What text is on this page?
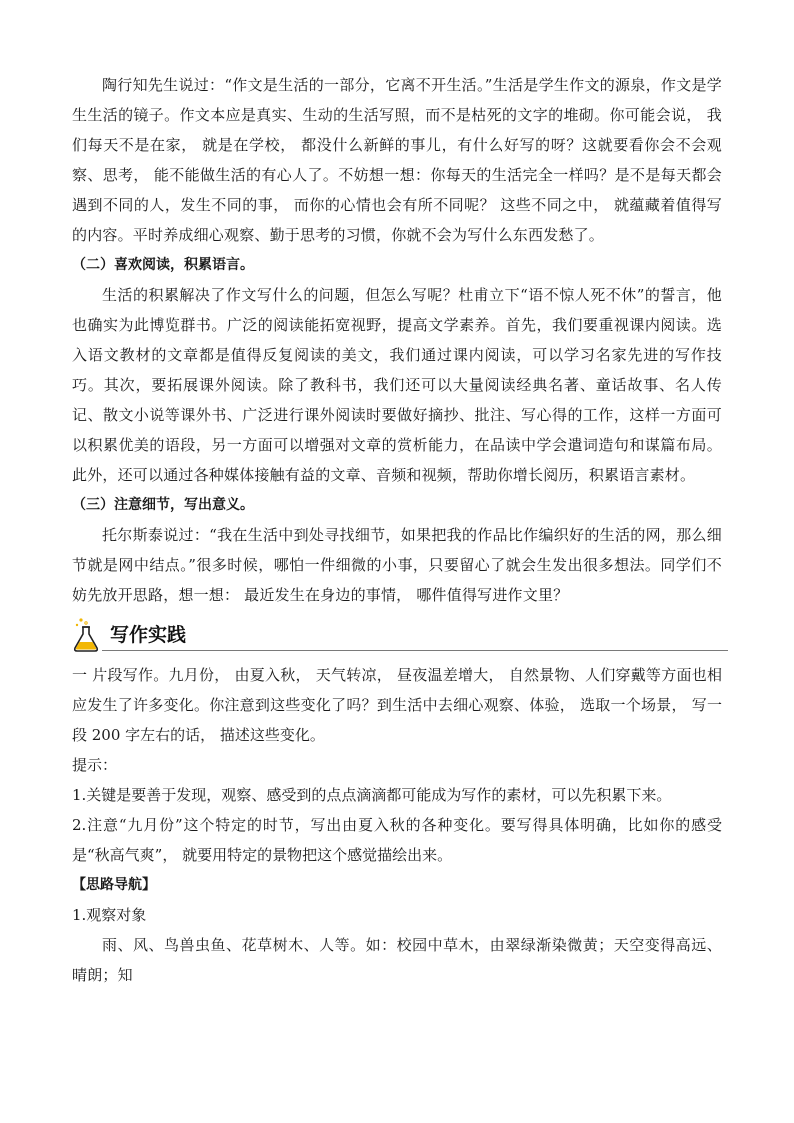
陶行知先生说过：“作文是生活的一部分，它离不开生活。”生活是学生作文的源泉，作文是学生生活的镜子。作文本应是真实、生动的生活写照，而不是枯死的文字的堆砌。你可能会说， 我们每天不是在家， 就是在学校， 都没什么新鲜的事儿，有什么好写的呀？这就要看你会不会观察、思考， 能不能做生活的有心人了。不妨想一想：你每天的生活完全一样吗？是不是每天都会遇到不同的人，发生不同的事， 而你的心情也会有所不同呢？ 这些不同之中， 就蕴藏着值得写的内容。平时养成细心观察、勤于思考的习惯，你就不会为写什么东西发愁了。

（二）喜欢阅读，积累语言。

生活的积累解决了作文写什么的问题，但怎么写呢？杜甫立下“语不惊人死不休”的誓言，他也确实为此博览群书。广泛的阅读能拓宽视野，提高文学素养。首先，我们要重视课内阅读。选入语文教材的文章都是值得反复阅读的美文，我们通过课内阅读，可以学习名家先进的写作技巧。其次，要拓展课外阅读。除了教科书，我们还可以大量阅读经典名著、童话故事、名人传记、散文小说等课外书、广泛进行课外阅读时要做好摘抄、批注、写心得的工作，这样一方面可以积累优美的语段，另一方面可以增强对文章的赏析能力，在品读中学会遣词造句和谋篇布局。此外，还可以通过各种媒体接触有益的文章、音频和视频，帮助你增长阅历，积累语言素材。

（三）注意细节，写出意义。

托尔斯泰说过：“我在生活中到处寻找细节，如果把我的作品比作编织好的生活的网，那么细节就是网中结点。”很多时候，哪怕一件细微的小事，只要留心了就会生发出很多想法。同学们不妨先放开思路，想一想： 最近发生在身边的事情， 哪件值得写进作文里？

写作实践

一 片段写作。九月份， 由夏入秋， 天气转凉， 昼夜温差增大， 自然景物、人们穿戴等方面也相应发生了许多变化。你注意到这些变化了吗？到生活中去细心观察、体验， 选取一个场景， 写一段 200 字左右的话， 描述这些变化。

提示：

1.关键是要善于发现，观察、感受到的点点滴滴都可能成为写作的素材，可以先积累下来。

2.注意“九月份”这个特定的时节，写出由夏入秋的各种变化。要写得具体明确，比如你的感受是“秋高气爽”， 就要用特定的景物把这个感觉描绘出来。

【思路导航】

1.观察对象

雨、风、鸟兽虫鱼、花草树木、人等。如：校园中草木，由翠绿渐染微黄；天空变得高远、晴朗；知
